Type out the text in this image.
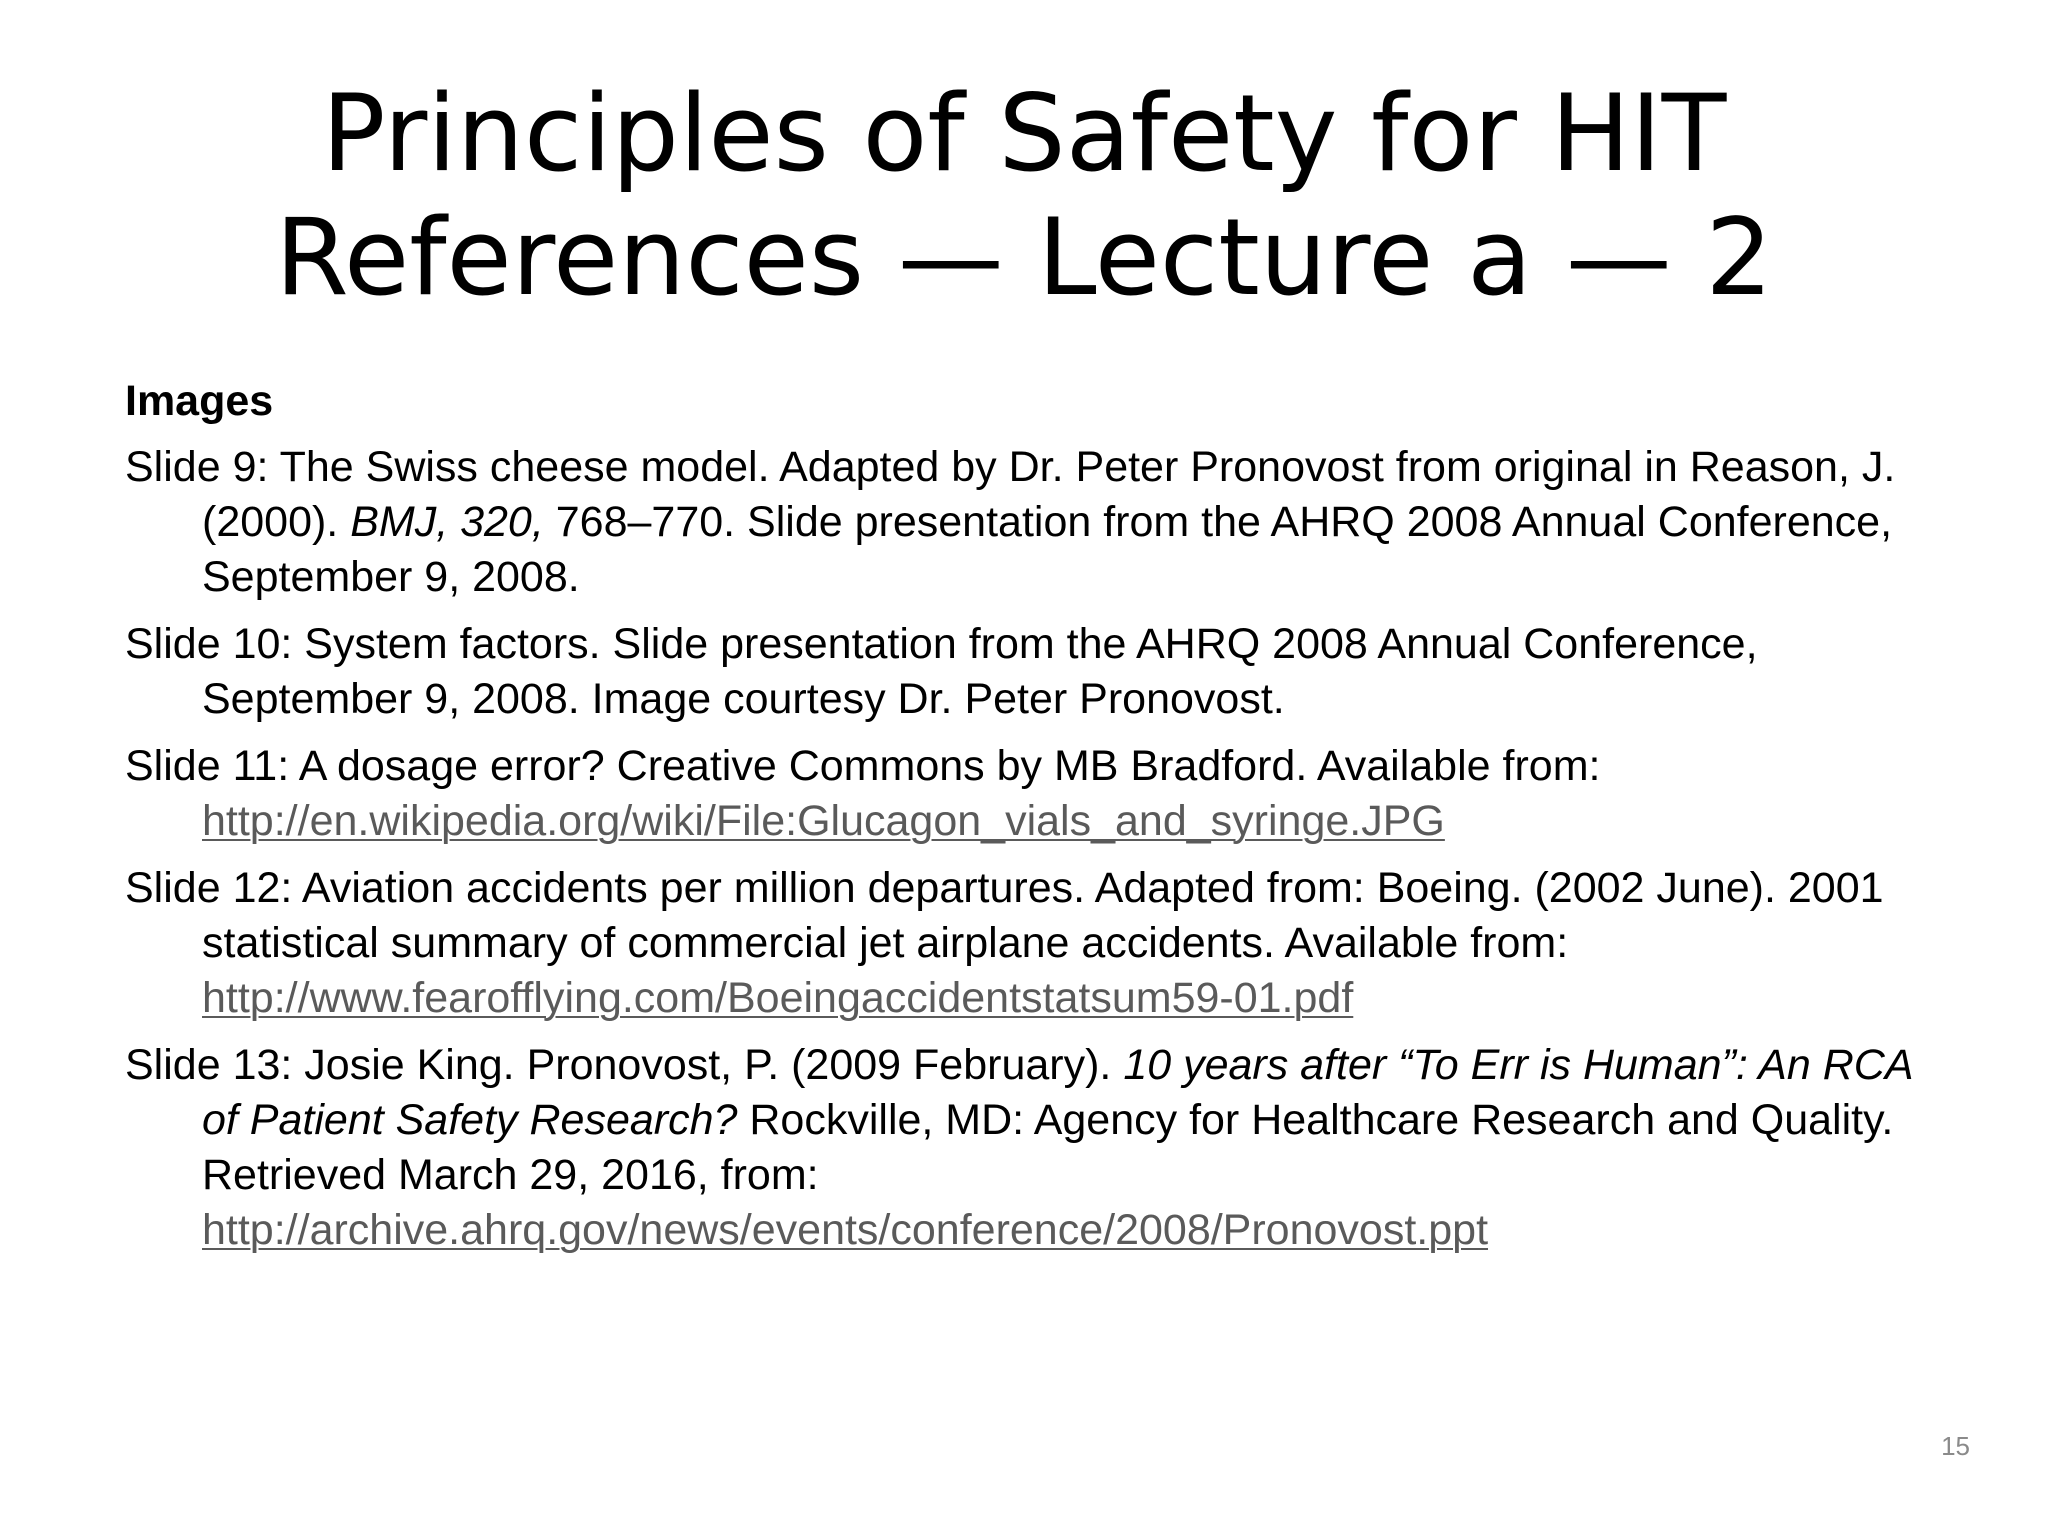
Principles of Safety for HIT
References — Lecture a — 2
Images
Slide 9: The Swiss cheese model. Adapted by Dr. Peter Pronovost from original in Reason, J. (2000). BMJ, 320, 768–770. Slide presentation from the AHRQ 2008 Annual Conference, September 9, 2008.
Slide 10: System factors. Slide presentation from the AHRQ 2008 Annual Conference, September 9, 2008. Image courtesy Dr. Peter Pronovost.
Slide 11: A dosage error? Creative Commons by MB Bradford. Available from: http://en.wikipedia.org/wiki/File:Glucagon_vials_and_syringe.JPG
Slide 12: Aviation accidents per million departures. Adapted from: Boeing. (2002 June). 2001 statistical summary of commercial jet airplane accidents. Available from: http://www.fearofflying.com/Boeingaccidentstatsum59-01.pdf
Slide 13: Josie King. Pronovost, P. (2009 February). 10 years after “To Err is Human”: An RCA of Patient Safety Research? Rockville, MD: Agency for Healthcare Research and Quality. Retrieved March 29, 2016, from: http://archive.ahrq.gov/news/events/conference/2008/Pronovost.ppt
15
